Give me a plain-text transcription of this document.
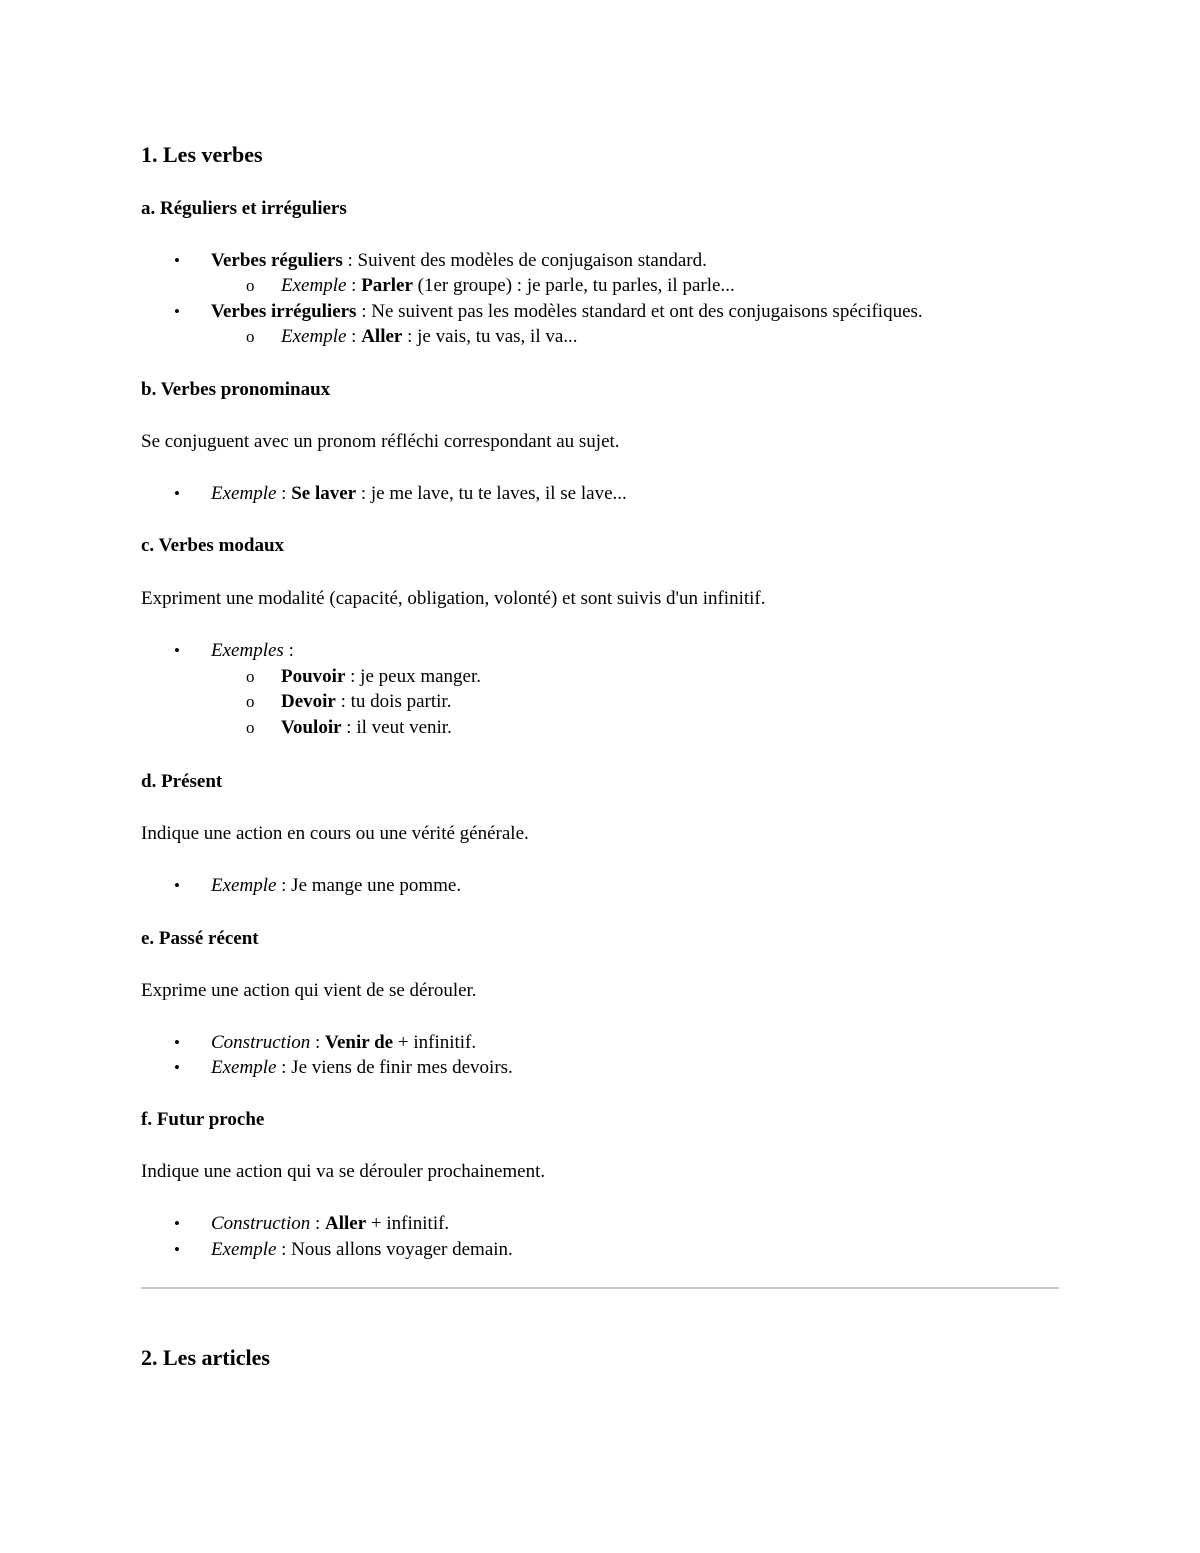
1. Les verbes
a. Réguliers et irréguliers
• Verbes réguliers : Suivent des modèles de conjugaison standard.
o Exemple : Parler (1er groupe) : je parle, tu parles, il parle...
• Verbes irréguliers : Ne suivent pas les modèles standard et ont des conjugaisons spécifiques.
o Exemple : Aller : je vais, tu vas, il va...
b. Verbes pronominaux
Se conjuguent avec un pronom réfléchi correspondant au sujet.
• Exemple : Se laver : je me lave, tu te laves, il se lave...
c. Verbes modaux
Expriment une modalité (capacité, obligation, volonté) et sont suivis d'un infinitif.
• Exemples :
o Pouvoir : je peux manger.
o Devoir : tu dois partir.
o Vouloir : il veut venir.
d. Présent
Indique une action en cours ou une vérité générale.
• Exemple : Je mange une pomme.
e. Passé récent
Exprime une action qui vient de se dérouler.
• Construction : Venir de + infinitif.
• Exemple : Je viens de finir mes devoirs.
f. Futur proche
Indique une action qui va se dérouler prochainement.
• Construction : Aller + infinitif.
• Exemple : Nous allons voyager demain.
2. Les articles
